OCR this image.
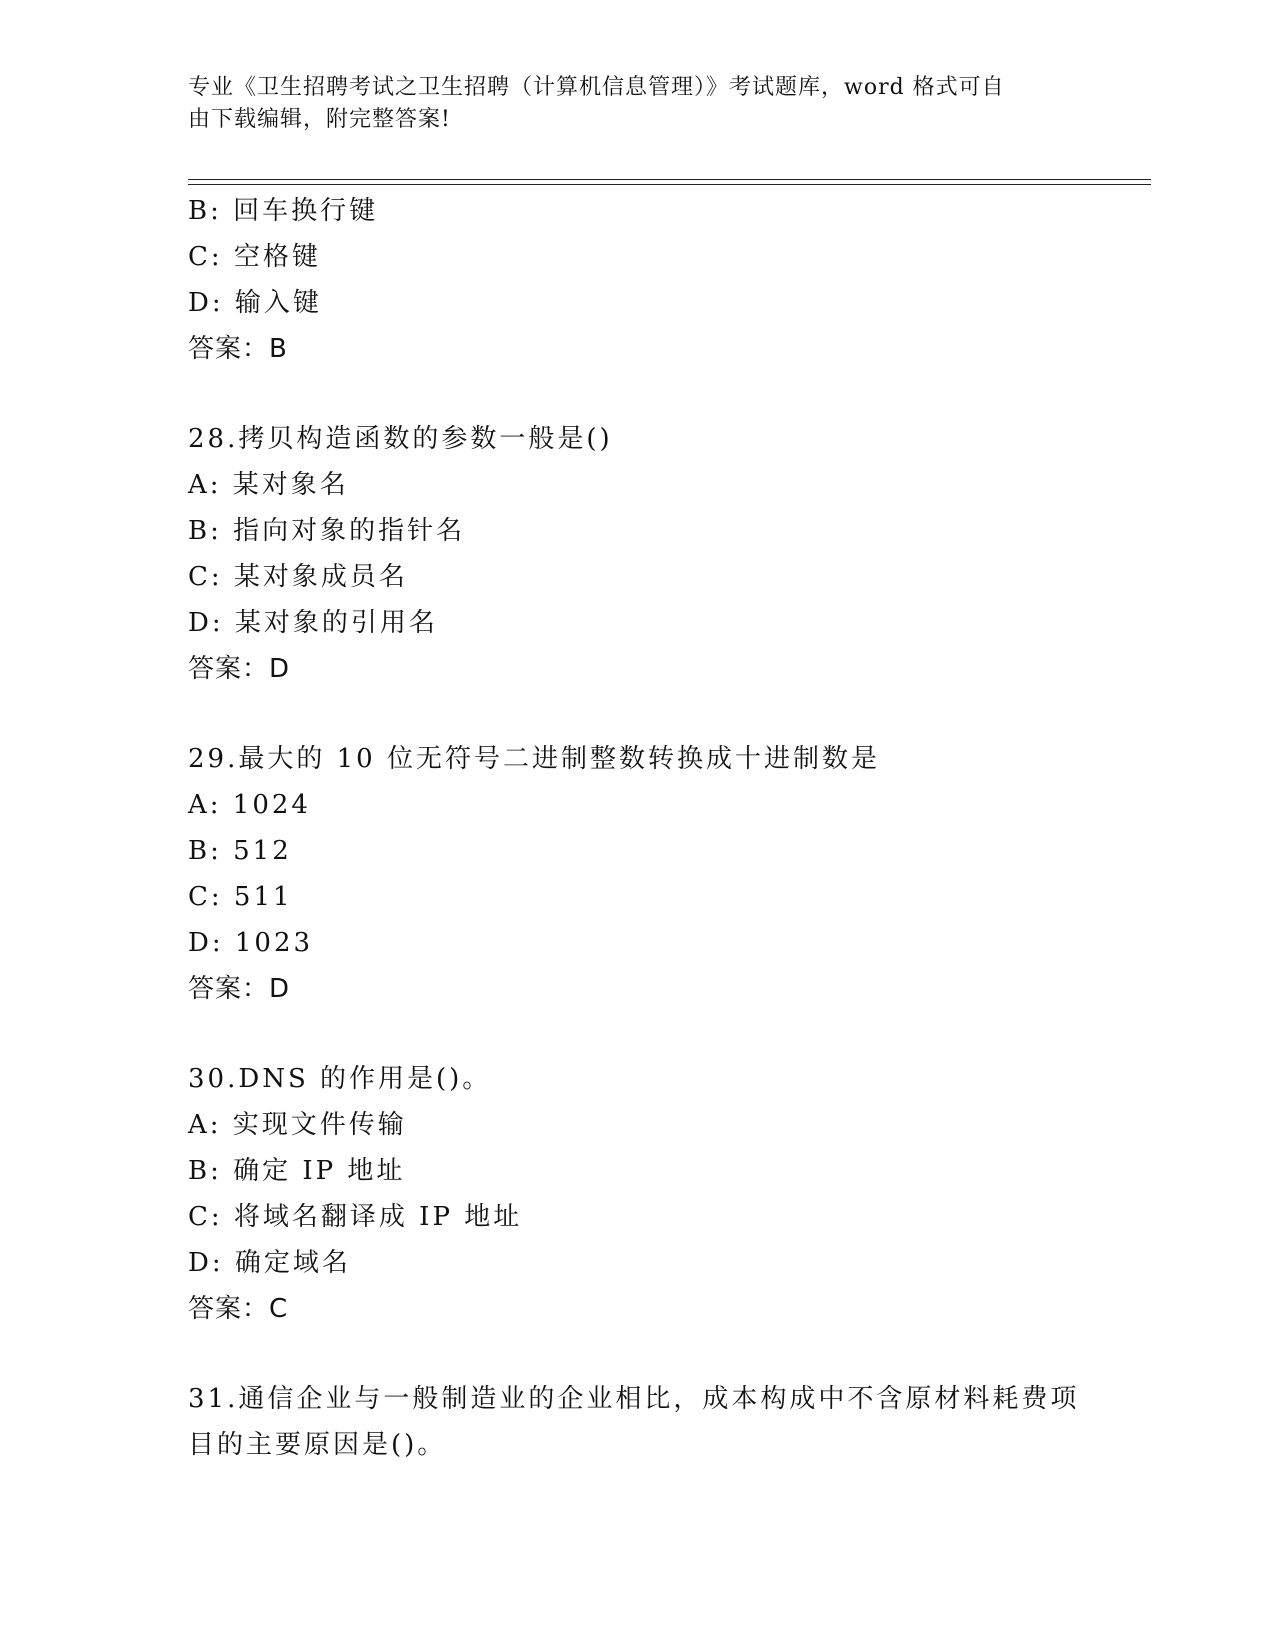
专业《卫生招聘考试之卫生招聘（计算机信息管理）》考试题库，word 格式可自
由下载编辑，附完整答案!
B: 回车换行键
C: 空格键
D: 输入键
答案：B
28.拷贝构造函数的参数一般是()
A: 某对象名
B: 指向对象的指针名
C: 某对象成员名
D: 某对象的引用名
答案：D
29.最大的 10 位无符号二进制整数转换成十进制数是
A: 1024
B: 512
C: 511
D: 1023
答案：D
30.DNS 的作用是()。
A: 实现文件传输
B: 确定 IP 地址
C: 将域名翻译成 IP 地址
D: 确定域名
答案：C
31.通信企业与一般制造业的企业相比，成本构成中不含原材料耗费项
目的主要原因是()。
